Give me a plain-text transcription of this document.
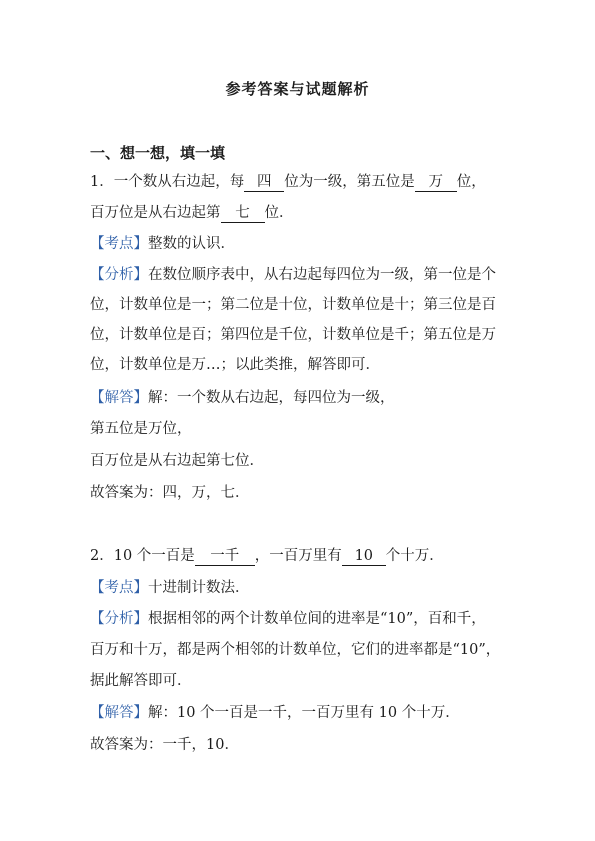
参考答案与试题解析
一、想一想，填一填
1．一个数从右边起，每 四 位为一级，第五位是 万 位，
百万位是从右边起第 七 位．
【考点】整数的认识．
【分析】在数位顺序表中，从右边起每四位为一级，第一位是个
位，计数单位是一；第二位是十位，计数单位是十；第三位是百
位，计数单位是百；第四位是千位，计数单位是千；第五位是万
位，计数单位是万…；以此类推，解答即可．
【解答】解：一个数从右边起，每四位为一级，
第五位是万位，
百万位是从右边起第七位．
故答案为：四，万，七．
2．10 个一百是 一千 ，一百万里有 10 个十万．
【考点】十进制计数法．
【分析】根据相邻的两个计数单位间的进率是“10”，百和千，
百万和十万，都是两个相邻的计数单位，它们的进率都是“10”，
据此解答即可．
【解答】解：10 个一百是一千，一百万里有 10 个十万．
故答案为：一千，10．
